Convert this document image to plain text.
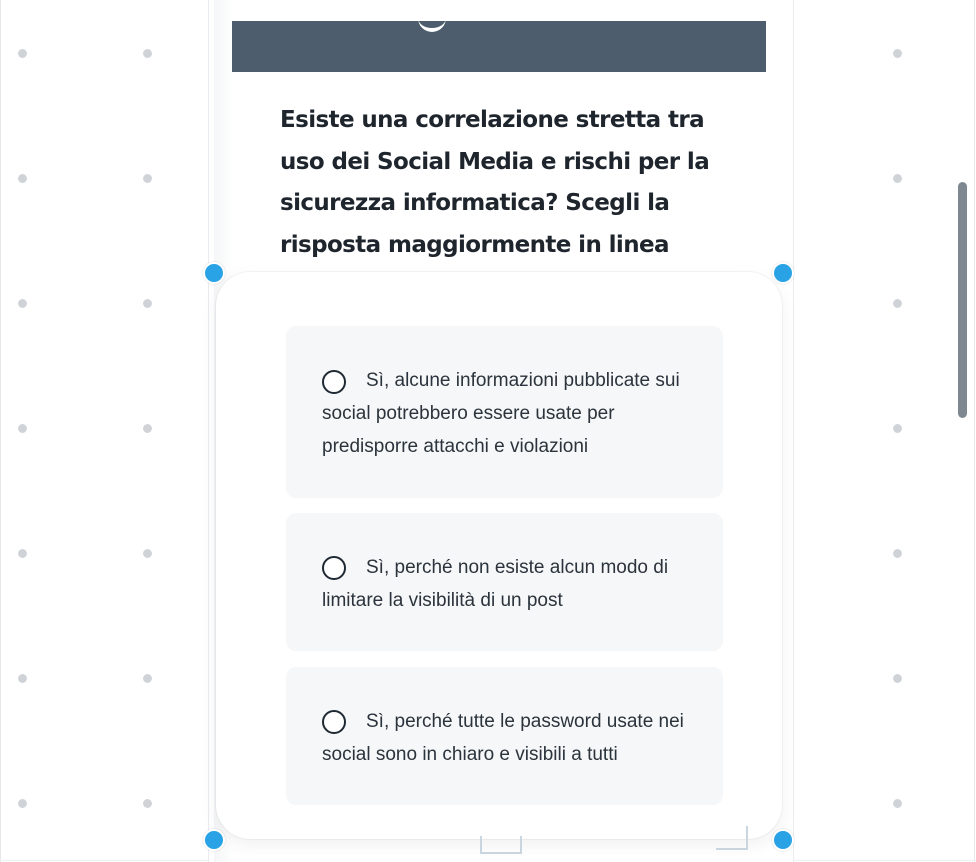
Esiste una correlazione stretta tra
uso dei Social Media e rischi per la
sicurezza informatica? Scegli la
risposta maggiormente in linea
Sì, alcune informazioni pubblicate sui social potrebbero essere usate per predisporre attacchi e violazioni
Sì, perché non esiste alcun modo di limitare la visibilità di un post
Sì, perché tutte le password usate nei social sono in chiaro e visibili a tutti
